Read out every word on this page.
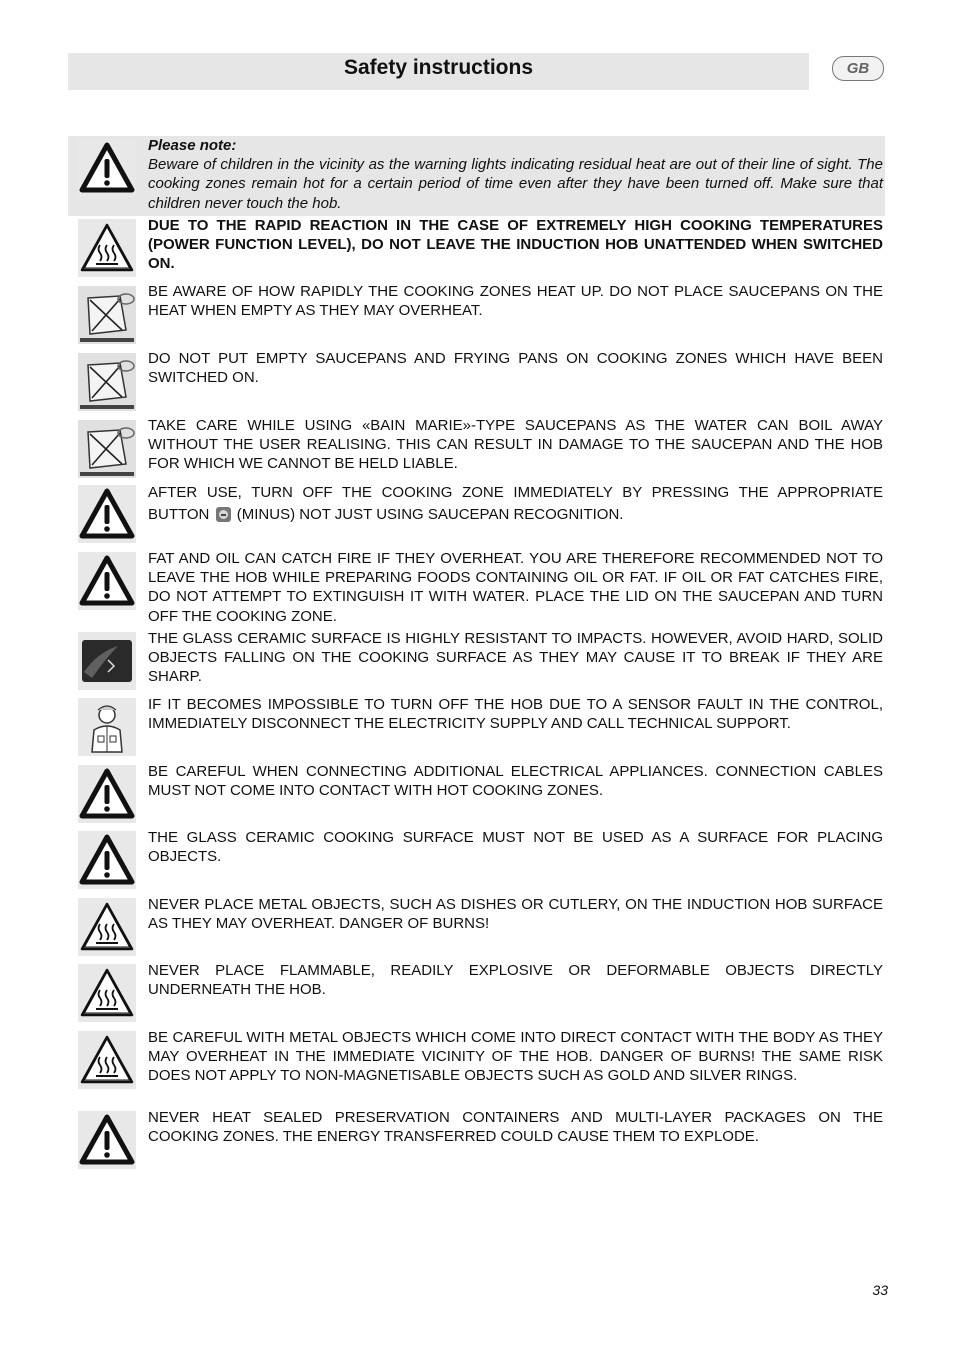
Safety instructions	GB
Please note:
Beware of children in the vicinity as the warning lights indicating residual heat are out of their line of sight. The cooking zones remain hot for a certain period of time even after they have been turned off. Make sure that children never touch the hob.
DUE TO THE RAPID REACTION IN THE CASE OF EXTREMELY HIGH COOKING TEMPERATURES (POWER FUNCTION LEVEL), DO NOT LEAVE THE INDUCTION HOB UNATTENDED WHEN SWITCHED ON.
BE AWARE OF HOW RAPIDLY THE COOKING ZONES HEAT UP. DO NOT PLACE SAUCEPANS ON THE HEAT WHEN EMPTY AS THEY MAY OVERHEAT.
DO NOT PUT EMPTY SAUCEPANS AND FRYING PANS ON COOKING ZONES WHICH HAVE BEEN SWITCHED ON.
TAKE CARE WHILE USING «BAIN MARIE»-TYPE SAUCEPANS AS THE WATER CAN BOIL AWAY WITHOUT THE USER REALISING. THIS CAN RESULT IN DAMAGE TO THE SAUCEPAN AND THE HOB FOR WHICH WE CANNOT BE HELD LIABLE.
AFTER USE, TURN OFF THE COOKING ZONE IMMEDIATELY BY PRESSING THE APPROPRIATE BUTTON (MINUS) NOT JUST USING SAUCEPAN RECOGNITION.
FAT AND OIL CAN CATCH FIRE IF THEY OVERHEAT. YOU ARE THEREFORE RECOMMENDED NOT TO LEAVE THE HOB WHILE PREPARING FOODS CONTAINING OIL OR FAT. IF OIL OR FAT CATCHES FIRE, DO NOT ATTEMPT TO EXTINGUISH IT WITH WATER. PLACE THE LID ON THE SAUCEPAN AND TURN OFF THE COOKING ZONE.
THE GLASS CERAMIC SURFACE IS HIGHLY RESISTANT TO IMPACTS. HOWEVER, AVOID HARD, SOLID OBJECTS FALLING ON THE COOKING SURFACE AS THEY MAY CAUSE IT TO BREAK IF THEY ARE SHARP.
IF IT BECOMES IMPOSSIBLE TO TURN OFF THE HOB DUE TO A SENSOR FAULT IN THE CONTROL, IMMEDIATELY DISCONNECT THE ELECTRICITY SUPPLY AND CALL TECHNICAL SUPPORT.
BE CAREFUL WHEN CONNECTING ADDITIONAL ELECTRICAL APPLIANCES. CONNECTION CABLES MUST NOT COME INTO CONTACT WITH HOT COOKING ZONES.
THE GLASS CERAMIC COOKING SURFACE MUST NOT BE USED AS A SURFACE FOR PLACING OBJECTS.
NEVER PLACE METAL OBJECTS, SUCH AS DISHES OR CUTLERY, ON THE INDUCTION HOB SURFACE AS THEY MAY OVERHEAT. DANGER OF BURNS!
NEVER PLACE FLAMMABLE, READILY EXPLOSIVE OR DEFORMABLE OBJECTS DIRECTLY UNDERNEATH THE HOB.
BE CAREFUL WITH METAL OBJECTS WHICH COME INTO DIRECT CONTACT WITH THE BODY AS THEY MAY OVERHEAT IN THE IMMEDIATE VICINITY OF THE HOB. DANGER OF BURNS! THE SAME RISK DOES NOT APPLY TO NON-MAGNETISABLE OBJECTS SUCH AS GOLD AND SILVER RINGS.
NEVER HEAT SEALED PRESERVATION CONTAINERS AND MULTI-LAYER PACKAGES ON THE COOKING ZONES. THE ENERGY TRANSFERRED COULD CAUSE THEM TO EXPLODE.
33
